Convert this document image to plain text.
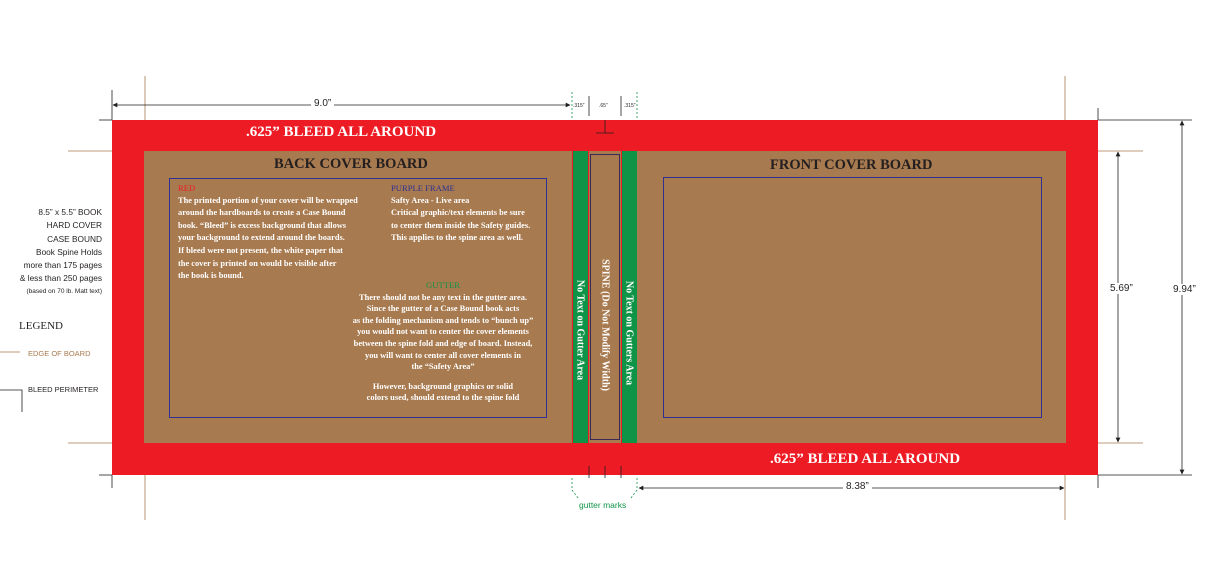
.625” BLEED ALL AROUND
.625” BLEED ALL AROUND
BACK COVER BOARD	FRONT COVER BOARD
RED
The printed portion of your cover will be wrapped
around the hardboards to create a Case Bound
book. “Bleed” is excess background that allows
your background to extend around the boards.
If bleed were not present, the white paper that
the cover is printed on would be visible after
the book is bound.
PURPLE FRAME
Safty Area - Live area
Critical graphic/text elements be sure
to center them inside the Safety guides.
This applies to the spine area as well.
GUTTER
There should not be any text in the gutter area.
Since the gutter of a Case Bound book acts
as the folding mechanism and tends to “bunch up”
you would not want to center the cover elements
between the spine fold and edge of board. Instead,
you will want to center all cover elements in
the “Safety Area”
However, background graphics or solid
colors used, should extend to the spine fold
No Text on Gutter Area SPINE (Do Not Modify Width) No Text on Gutters Area
9.0”	.315”	.65”	.315”
8.38”
5.69”	9.94”
gutter marks
8.5” x 5.5” BOOK
HARD COVER
CASE BOUND
Book Spine Holds
more than 175 pages
& less than 250 pages
(based on 70 lb. Matt text)
LEGEND
EDGE OF BOARD
BLEED PERIMETER
